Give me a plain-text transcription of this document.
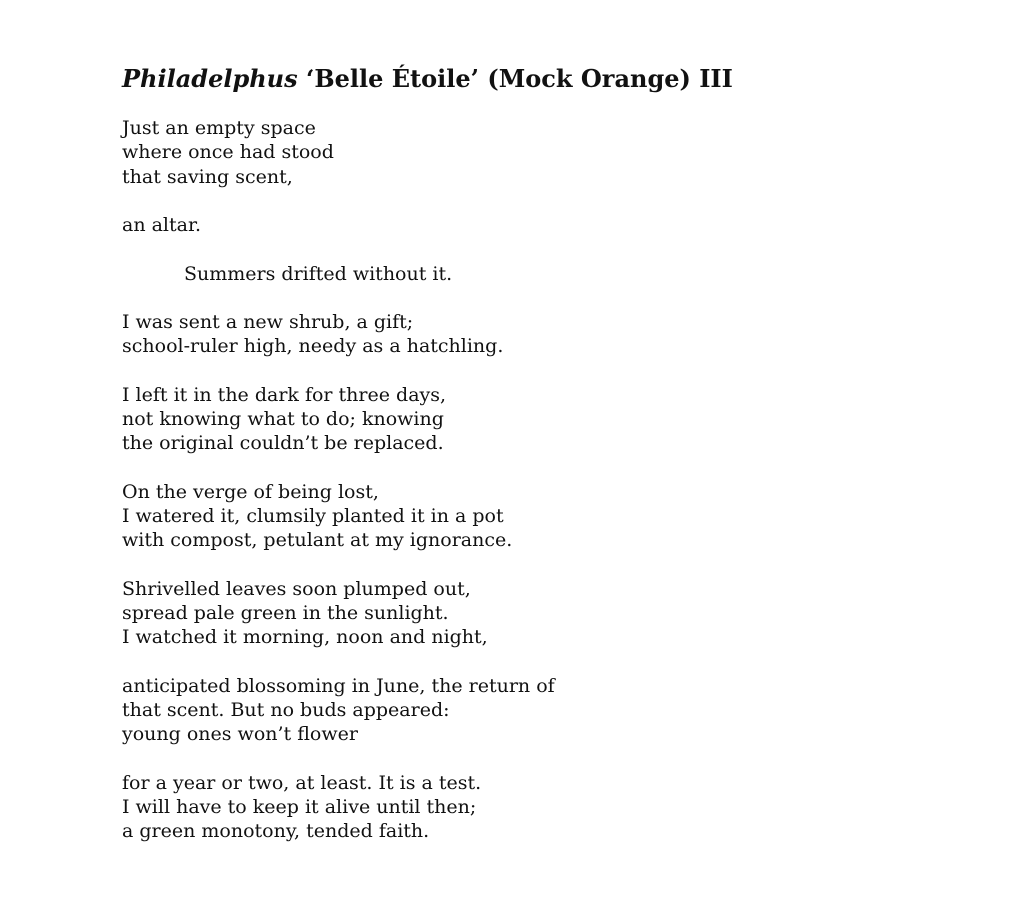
Philadelphus ‘Belle Étoile’ (Mock Orange) III
Just an empty space
where once had stood
that saving scent,
an altar.
Summers drifted without it.
I was sent a new shrub, a gift;
school-ruler high, needy as a hatchling.
I left it in the dark for three days,
not knowing what to do; knowing
the original couldn’t be replaced.
On the verge of being lost,
I watered it, clumsily planted it in a pot
with compost, petulant at my ignorance.
Shrivelled leaves soon plumped out,
spread pale green in the sunlight.
I watched it morning, noon and night,
anticipated blossoming in June, the return of
that scent. But no buds appeared:
young ones won’t flower
for a year or two, at least. It is a test.
I will have to keep it alive until then;
a green monotony, tended faith.
